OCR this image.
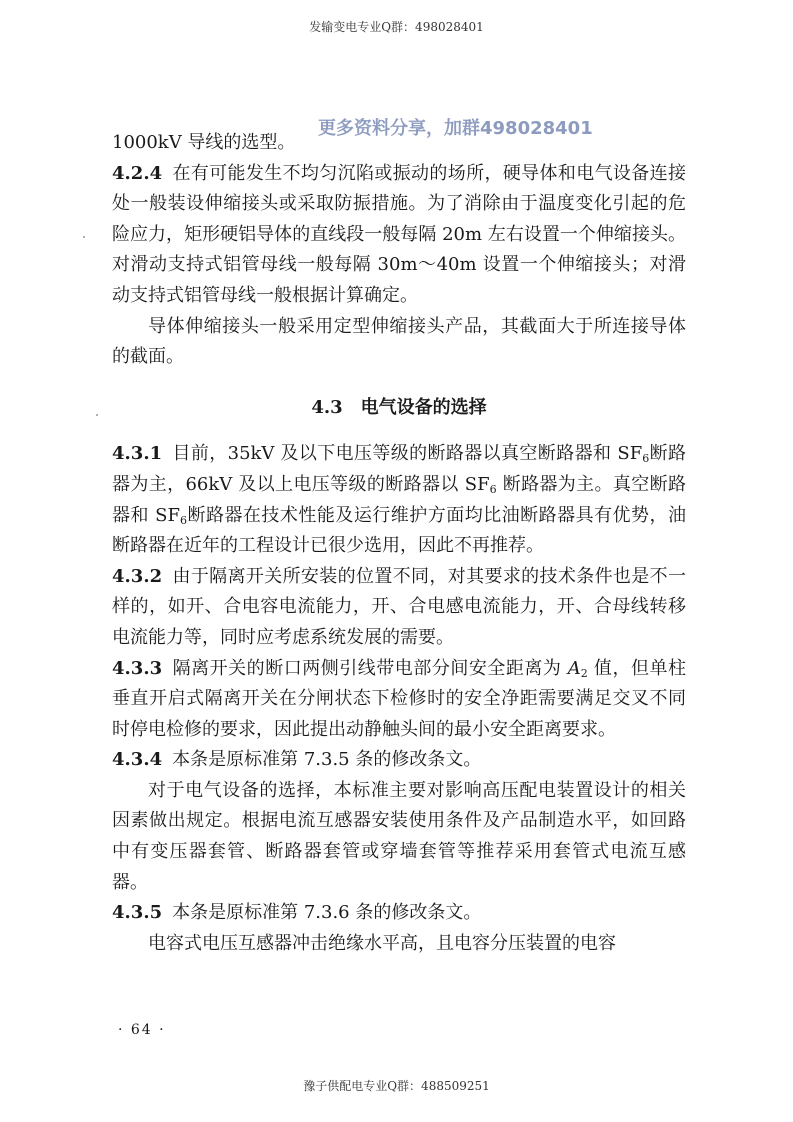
发输变电专业Q群：498028401
更多资料分享，加群498028401

1000kV 导线的选型。

4.2.4 在有可能发生不均匀沉陷或振动的场所，硬导体和电气设备连接处一般装设伸缩接头或采取防振措施。为了消除由于温度变化引起的危险应力，矩形硬铝导体的直线段一般每隔 20m 左右设置一个伸缩接头。对滑动支持式铝管母线一般每隔 30m～40m 设置一个伸缩接头；对滑动支持式铝管母线一般根据计算确定。

导体伸缩接头一般采用定型伸缩接头产品，其截面大于所连接导体的截面。

4.3 电气设备的选择

4.3.1 目前，35kV 及以下电压等级的断路器以真空断路器和 $SF_6$断路器为主，66kV 及以上电压等级的断路器以 $SF_6$ 断路器为主。真空断路器和 $SF_6$断路器在技术性能及运行维护方面均比油断路器具有优势，油断路器在近年的工程设计已很少选用，因此不再推荐。

4.3.2 由于隔离开关所安装的位置不同，对其要求的技术条件也是不一样的，如开、合电容电流能力，开、合电感电流能力，开、合母线转移电流能力等，同时应考虑系统发展的需要。

4.3.3 隔离开关的断口两侧引线带电部分间安全距离为 $A_2$ 值，但单柱垂直开启式隔离开关在分闸状态下检修时的安全净距需要满足交叉不同时停电检修的要求，因此提出动静触头间的最小安全距离要求。

4.3.4 本条是原标准第 7.3.5 条的修改条文。

对于电气设备的选择，本标准主要对影响高压配电装置设计的相关因素做出规定。根据电流互感器安装使用条件及产品制造水平，如回路中有变压器套管、断路器套管或穿墙套管等推荐采用套管式电流互感器。

4.3.5 本条是原标准第 7.3.6 条的修改条文。

电容式电压互感器冲击绝缘水平高，且电容分压装置的电容

· 64 ·
豫子供配电专业Q群：488509251
